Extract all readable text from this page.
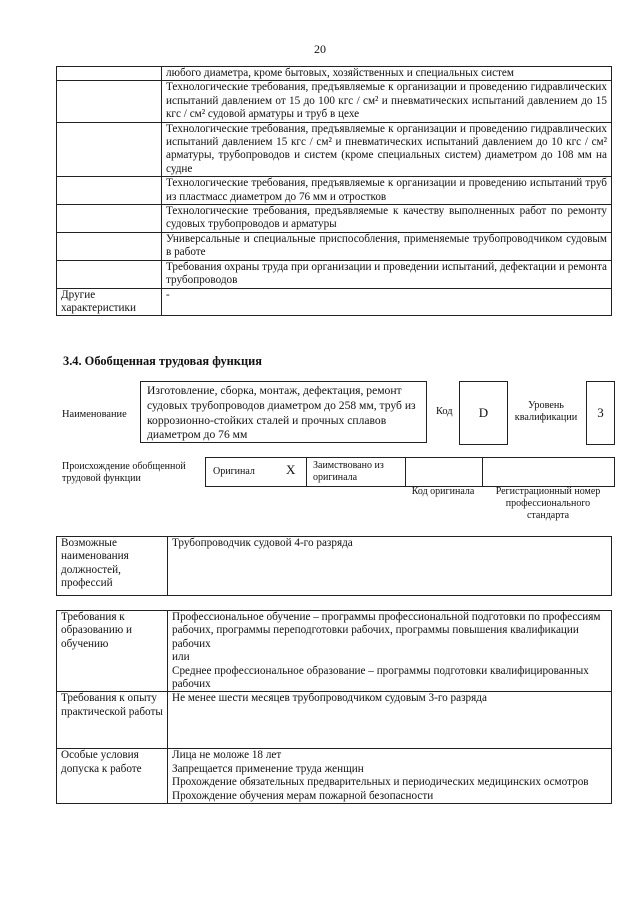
20
	любого диаметра, кроме бытовых, хозяйственных и специальных систем
	Технологические требования, предъявляемые к организации и проведению гидравлических испытаний давлением от 15 до 100 кгс / см² и пневматических испытаний давлением до 15 кгс / см² судовой арматуры и труб в цехе
	Технологические требования, предъявляемые к организации и проведению гидравлических испытаний давлением 15 кгс / см² и пневматических испытаний давлением до 10 кгс / см² арматуры, трубопроводов и систем (кроме специальных систем) диаметром до 108 мм на судне
	Технологические требования, предъявляемые к организации и проведению испытаний труб из пластмасс диаметром до 76 мм и отростков
	Технологические требования, предъявляемые к качеству выполненных работ по ремонту судовых трубопроводов и арматуры
	Универсальные и специальные приспособления, применяемые трубопроводчиком судовым в работе
	Требования охраны труда при организации и проведении испытаний, дефектации и ремонта трубопроводов
Другие характеристики	-
3.4. Обобщенная трудовая функция
Наименование
Изготовление, сборка, монтаж, дефектация, ремонт судовых трубопроводов диаметром до 258 мм, труб из коррозионно-стойких сталей и прочных сплавов диаметром до 76 мм
Код	D	Уровень квалификации	3
Происхождение обобщенной трудовой функции
Оригинал X Заимствовано из оригинала
Код оригинала	Регистрационный номер профессионального стандарта
Возможные наименования должностей, профессий	Трубопроводчик судовой 4-го разряда
Требования к образованию и обучению	Профессиональное обучение – программы профессиональной подготовки по профессиям рабочих, программы переподготовки рабочих, программы повышения квалификации рабочих
или
Среднее профессиональное образование – программы подготовки квалифицированных рабочих

Требования к опыту практической работы	Не менее шести месяцев трубопроводчиком судовым 3-го разряда

Особые условия допуска к работе	Лица не моложе 18 лет
Запрещается применение труда женщин
Прохождение обязательных предварительных и периодических медицинских осмотров
Прохождение обучения мерам пожарной безопасности
